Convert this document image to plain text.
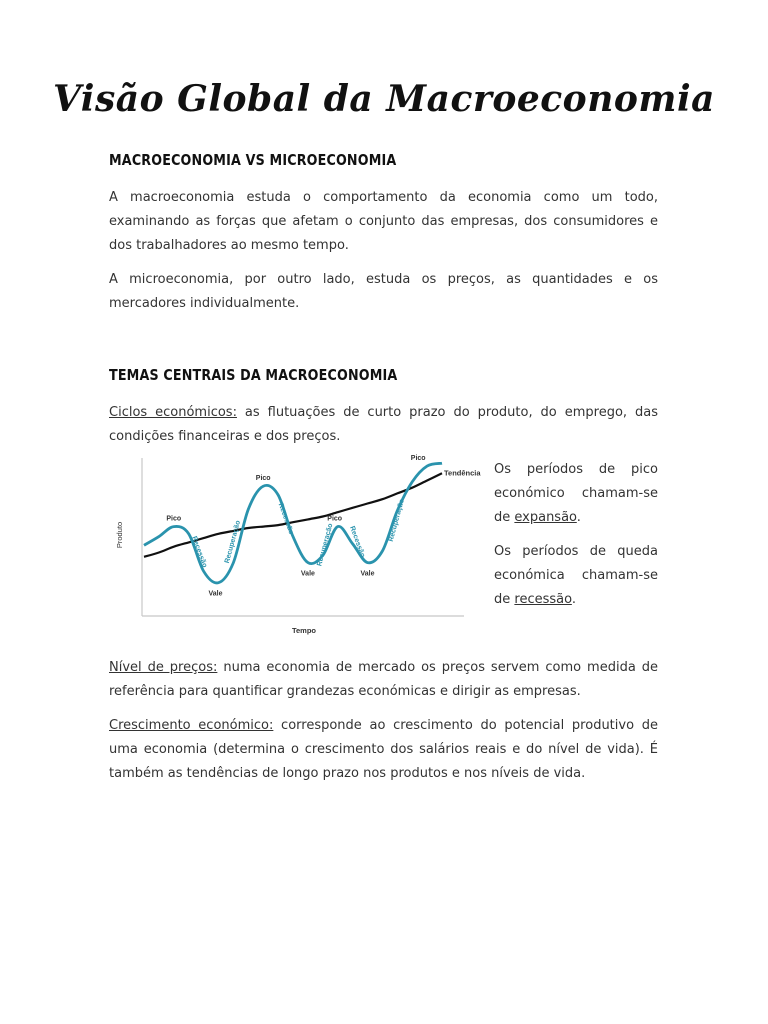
Visão Global da Macroeconomia
MACROECONOMIA VS MICROECONOMIA

A macroeconomia estuda o comportamento da economia como um todo, examinando as forças que afetam o conjunto das empresas, dos consumidores e dos trabalhadores ao mesmo tempo.

A microeconomia, por outro lado, estuda os preços, as quantidades e os mercadores individualmente.

TEMAS CENTRAIS DA MACROECONOMIA

Ciclos económicos: as flutuações de curto prazo do produto, do emprego, das condições financeiras e dos preços.

Produto
Tempo
Tendência
Pico
Recessão
Vale
Recuperação
Pico
Recessão
Vale
Recuperação
Pico
Recessão
Vale
Recuperação
Pico

Os períodos de pico económico chamam-se de expansão.

Os períodos de queda económica chamam-se de recessão.

Nível de preços: numa economia de mercado os preços servem como medida de referência para quantificar grandezas económicas e dirigir as empresas.

Crescimento económico: corresponde ao crescimento do potencial produtivo de uma economia (determina o crescimento dos salários reais e do nível de vida). É também as tendências de longo prazo nos produtos e nos níveis de vida.
